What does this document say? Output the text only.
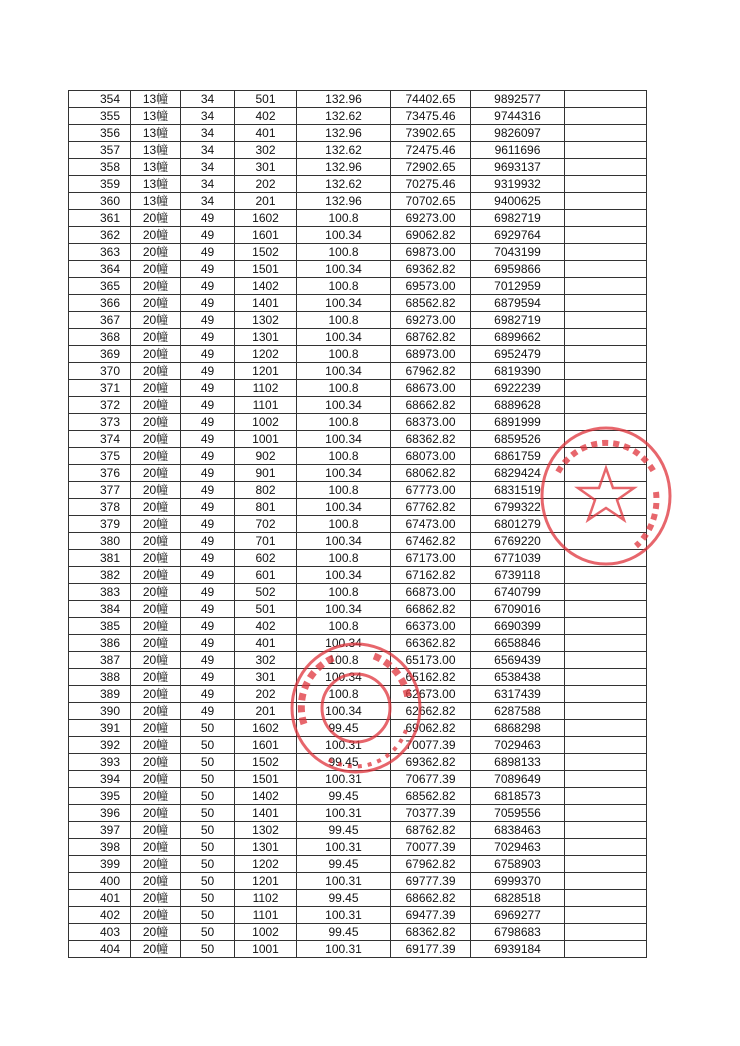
354	13幢	34	501	132.96	74402.65	9892577	
355	13幢	34	402	132.62	73475.46	9744316	
356	13幢	34	401	132.96	73902.65	9826097	
357	13幢	34	302	132.62	72475.46	9611696	
358	13幢	34	301	132.96	72902.65	9693137	
359	13幢	34	202	132.62	70275.46	9319932	
360	13幢	34	201	132.96	70702.65	9400625	
361	20幢	49	1602	100.8	69273.00	6982719	
362	20幢	49	1601	100.34	69062.82	6929764	
363	20幢	49	1502	100.8	69873.00	7043199	
364	20幢	49	1501	100.34	69362.82	6959866	
365	20幢	49	1402	100.8	69573.00	7012959	
366	20幢	49	1401	100.34	68562.82	6879594	
367	20幢	49	1302	100.8	69273.00	6982719	
368	20幢	49	1301	100.34	68762.82	6899662	
369	20幢	49	1202	100.8	68973.00	6952479	
370	20幢	49	1201	100.34	67962.82	6819390	
371	20幢	49	1102	100.8	68673.00	6922239	
372	20幢	49	1101	100.34	68662.82	6889628	
373	20幢	49	1002	100.8	68373.00	6891999	
374	20幢	49	1001	100.34	68362.82	6859526	
375	20幢	49	902	100.8	68073.00	6861759	
376	20幢	49	901	100.34	68062.82	6829424	
377	20幢	49	802	100.8	67773.00	6831519	
378	20幢	49	801	100.34	67762.82	6799322	
379	20幢	49	702	100.8	67473.00	6801279	
380	20幢	49	701	100.34	67462.82	6769220	
381	20幢	49	602	100.8	67173.00	6771039	
382	20幢	49	601	100.34	67162.82	6739118	
383	20幢	49	502	100.8	66873.00	6740799	
384	20幢	49	501	100.34	66862.82	6709016	
385	20幢	49	402	100.8	66373.00	6690399	
386	20幢	49	401	100.34	66362.82	6658846	
387	20幢	49	302	100.8	65173.00	6569439	
388	20幢	49	301	100.34	65162.82	6538438	
389	20幢	49	202	100.8	62673.00	6317439	
390	20幢	49	201	100.34	62662.82	6287588	
391	20幢	50	1602	99.45	69062.82	6868298	
392	20幢	50	1601	100.31	70077.39	7029463	
393	20幢	50	1502	99.45	69362.82	6898133	
394	20幢	50	1501	100.31	70677.39	7089649	
395	20幢	50	1402	99.45	68562.82	6818573	
396	20幢	50	1401	100.31	70377.39	7059556	
397	20幢	50	1302	99.45	68762.82	6838463	
398	20幢	50	1301	100.31	70077.39	7029463	
399	20幢	50	1202	99.45	67962.82	6758903	
400	20幢	50	1201	100.31	69777.39	6999370	
401	20幢	50	1102	99.45	68662.82	6828518	
402	20幢	50	1101	100.31	69477.39	6969277	
403	20幢	50	1002	99.45	68362.82	6798683	
404	20幢	50	1001	100.31	69177.39	6939184	
